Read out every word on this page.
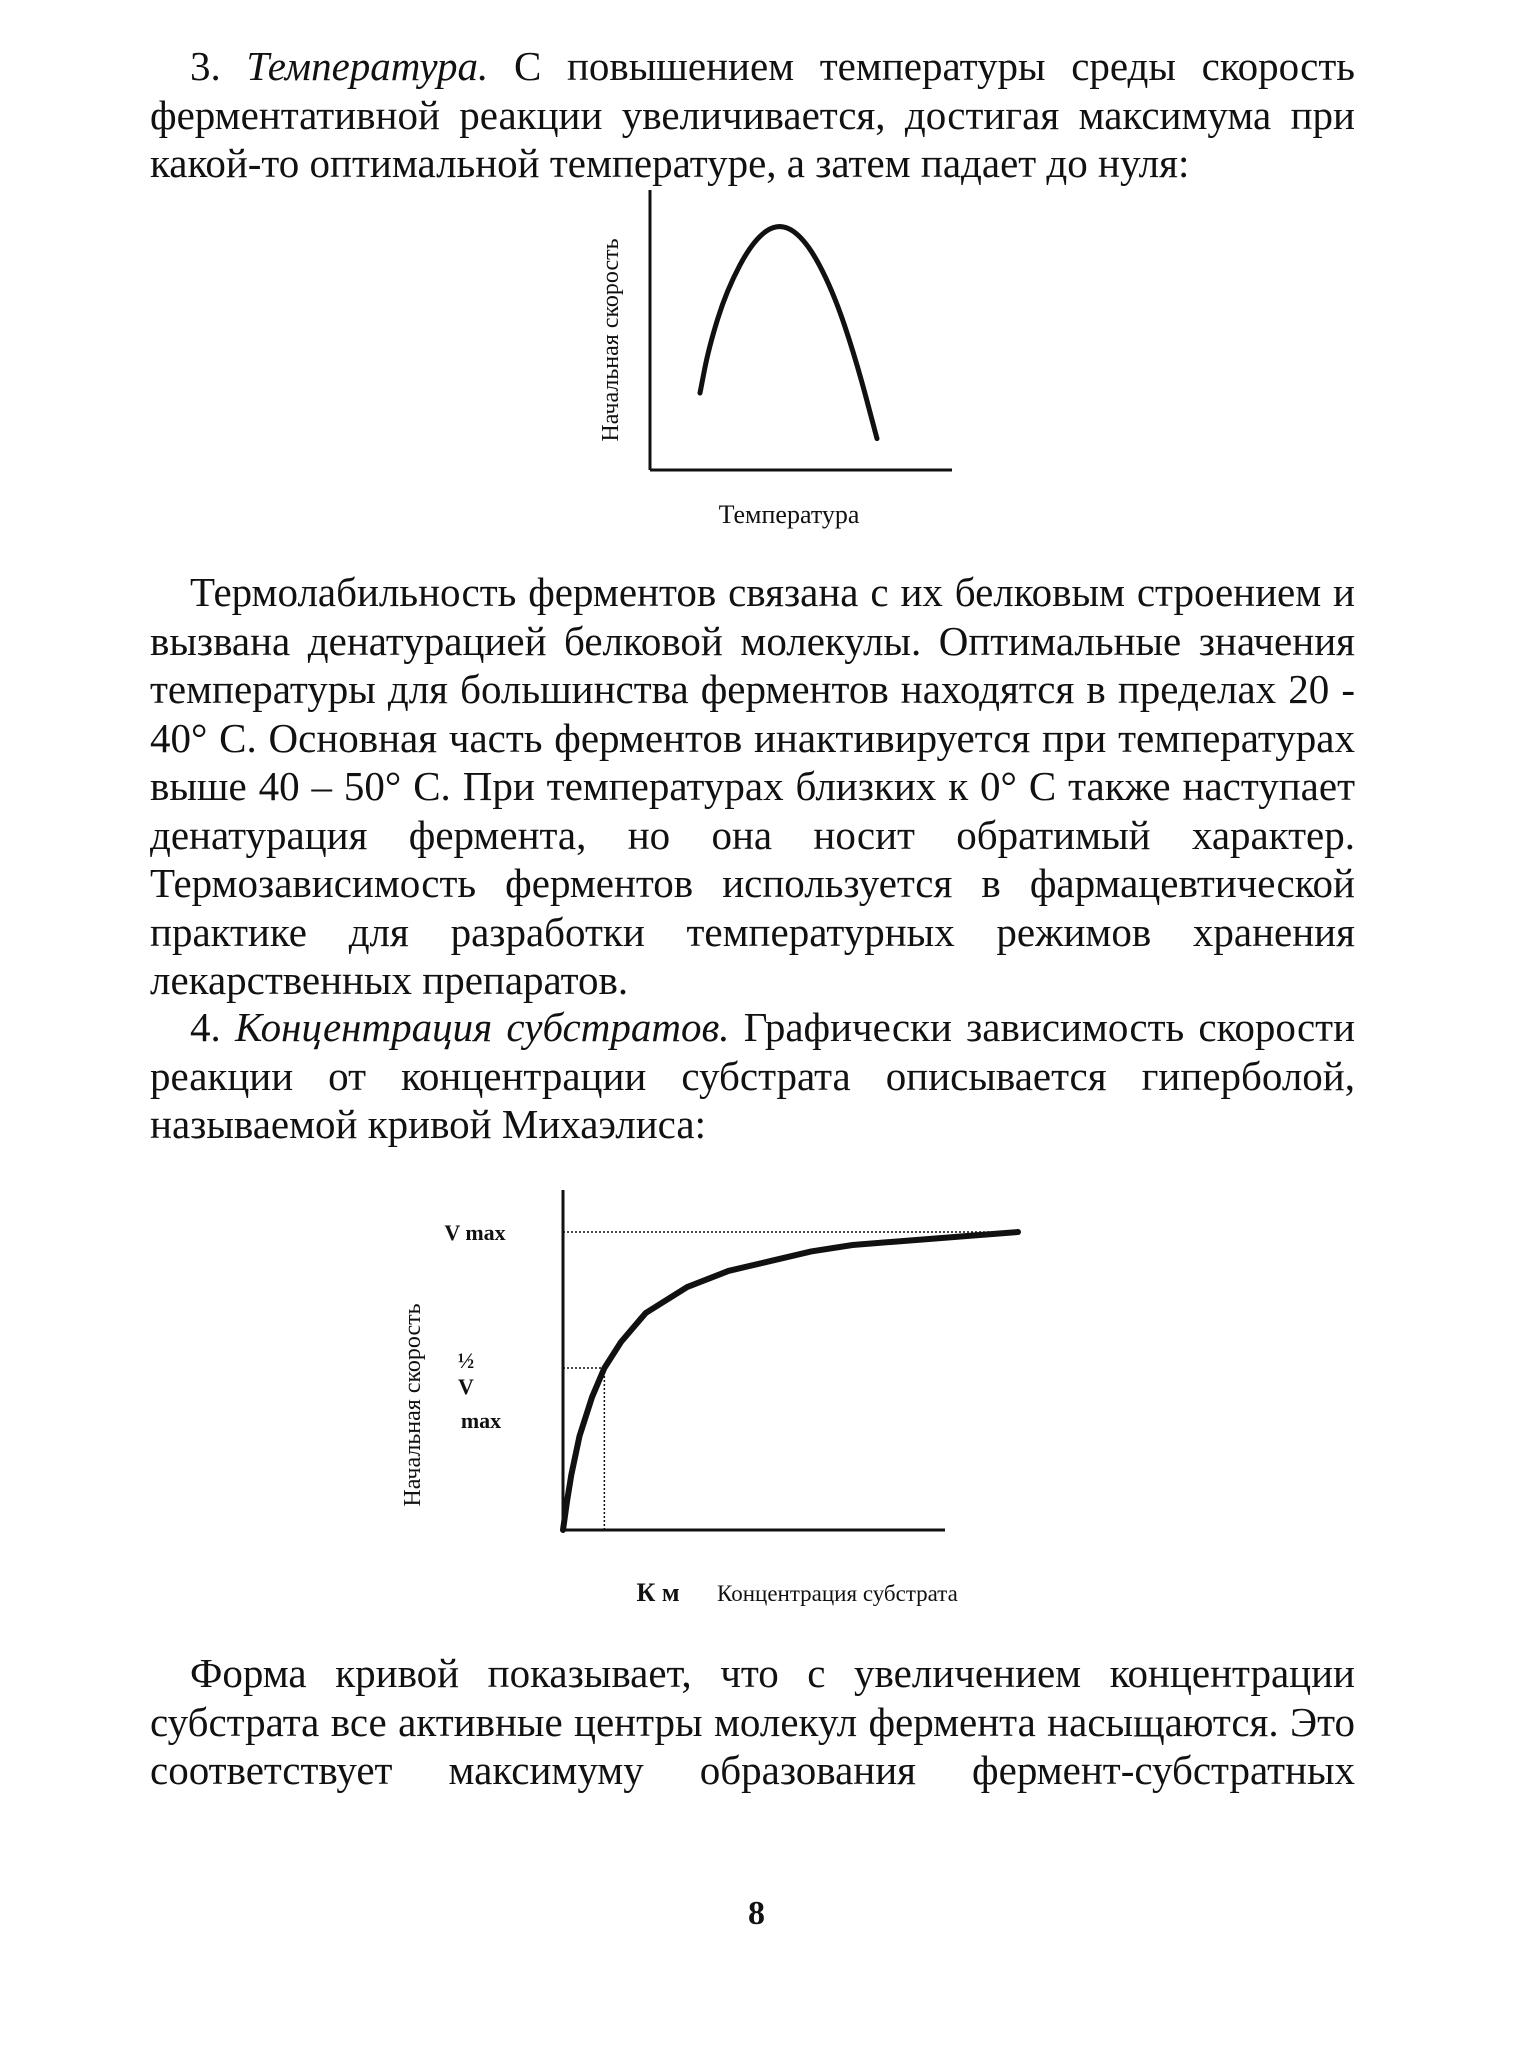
3. Температура. С повышением температуры среды скорость ферментативной реакции увеличивается, достигая максимума при какой-то оптимальной температуре, а затем падает до нуля:

Начальная скорость
Температура
V max
½
V
max
Начальная скорость
К м Концентрация субстрата

Термолабильность ферментов связана с их белковым строением и вызвана денатурацией белковой молекулы. Оптимальные значения температуры для большинства ферментов находятся в пределах 20 - 40° С. Основная часть ферментов инактивируется при температурах выше 40 – 50° С. При температурах близких к 0° С также наступает денатурация фермента, но она носит обратимый характер. Термозависимость ферментов используется в фармацевтической практике для разработки температурных режимов хранения лекарственных препаратов.

4. Концентрация субстратов. Графически зависимость скорости реакции от концентрации субстрата описывается гиперболой, называемой кривой Михаэлиса:

Форма кривой показывает, что с увеличением концентрации субстрата все активные центры молекул фермента насыщаются. Это соответствует максимуму образования фермент-субстратных

8
